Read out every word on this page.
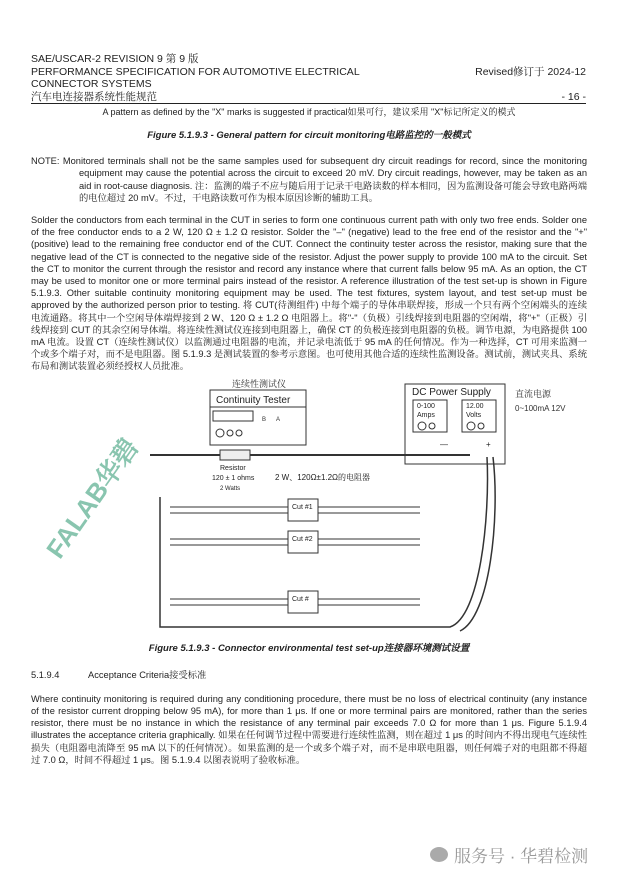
SAE/USCAR-2 REVISION 9 第 9 版
PERFORMANCE SPECIFICATION FOR AUTOMOTIVE ELECTRICAL
CONNECTOR SYSTEMS
汽车电连接器系统性能规范
Revised修订于 2024-12
- 16 -
A pattern as defined by the "X" marks is suggested if practical如果可行，建议采用 "X"标记所定义的模式
Figure 5.1.9.3 - General pattern for circuit monitoring电路监控的一般模式
NOTE: Monitored terminals shall not be the same samples used for subsequent dry circuit readings for record, since the monitoring equipment may cause the potential across the circuit to exceed 20 mV. Dry circuit readings, however, may be taken as an aid in root-cause diagnosis. 注：监测的端子不应与随后用于记录干电路读数的样本相同，因为监测设备可能会导致电路两端的电位超过 20 mV。不过，干电路读数可作为根本原因诊断的辅助工具。
Solder the conductors from each terminal in the CUT in series to form one continuous current path with only two free ends. Solder one of the free conductor ends to a 2 W, 120 Ω ± 1.2 Ω resistor. Solder the "–" (negative) lead to the free end of the resistor and the "+" (positive) lead to the remaining free conductor end of the CUT. Connect the continuity tester across the resistor, making sure that the negative lead of the CT is connected to the negative side of the resistor. Adjust the power supply to provide 100 mA to the circuit. Set the CT to monitor the current through the resistor and record any instance where that current falls below 95 mA. As an option, the CT may be used to monitor one or more terminal pairs instead of the resistor. A reference illustration of the test set-up is shown in Figure 5.1.9.3. Other suitable continuity monitoring equipment may be used. The test fixtures, system layout, and test set-up must be approved by the authorized person prior to testing. 将 CUT(待测组件) 中每个端子的导体串联焊接，形成一个只有两个空闲端头的连续电流通路。将其中一个空闲导体端焊接到 2 W、120 Ω ± 1.2 Ω 电阻器上。将"-"（负极）引线焊接到电阻器的空闲端，将"+"（正极）引线焊接到 CUT 的其余空闲导体端。将连续性测试仪连接到电阻器上，确保 CT 的负极连接到电阻器的负极。调节电源，为电路提供 100 mA 电流。设置 CT（连续性测试仪）以监测通过电阻器的电流，并记录电流低于 95 mA 的任何情况。作为一种选择，CT 可用来监测一个或多个端子对，而不是电阻器。图 5.1.9.3 是测试装置的参考示意图。也可使用其他合适的连续性监测设备。测试前，测试夹具、系统布局和测试装置必须经授权人员批准。
FALAB华碧
连续性测试仪
Continuity Tester
B A
DC Power Supply
0-100
Amps
12.00
Volts
—	+
直流电源
0~100mA 12V
Resistor
120 ± 1 ohms	2 W、120Ω±1.2Ω的电阻器
2 Watts
Cut #1
Cut #2
Cut #
Figure 5.1.9.3 - Connector environmental test set-up连接器环境测试设置
5.1.9.4	Acceptance Criteria接受标准
Where continuity monitoring is required during any conditioning procedure, there must be no loss of electrical continuity (any instance of the resistor current dropping below 95 mA), for more than 1 μs. If one or more terminal pairs are monitored, rather than the series resistor, there must be no instance in which the resistance of any terminal pair exceeds 7.0 Ω for more than 1 μs. Figure 5.1.9.4 illustrates the acceptance criteria graphically. 如果在任何调节过程中需要进行连续性监测，则在超过 1 μs 的时间内不得出现电气连续性损失（电阻器电流降至 95 mA 以下的任何情况）。如果监测的是一个或多个端子对，而不是串联电阻器，则任何端子对的电阻都不得超过 7.0 Ω，时间不得超过 1 μs。图 5.1.9.4 以图表说明了验收标准。
服务号 · 华碧检测
